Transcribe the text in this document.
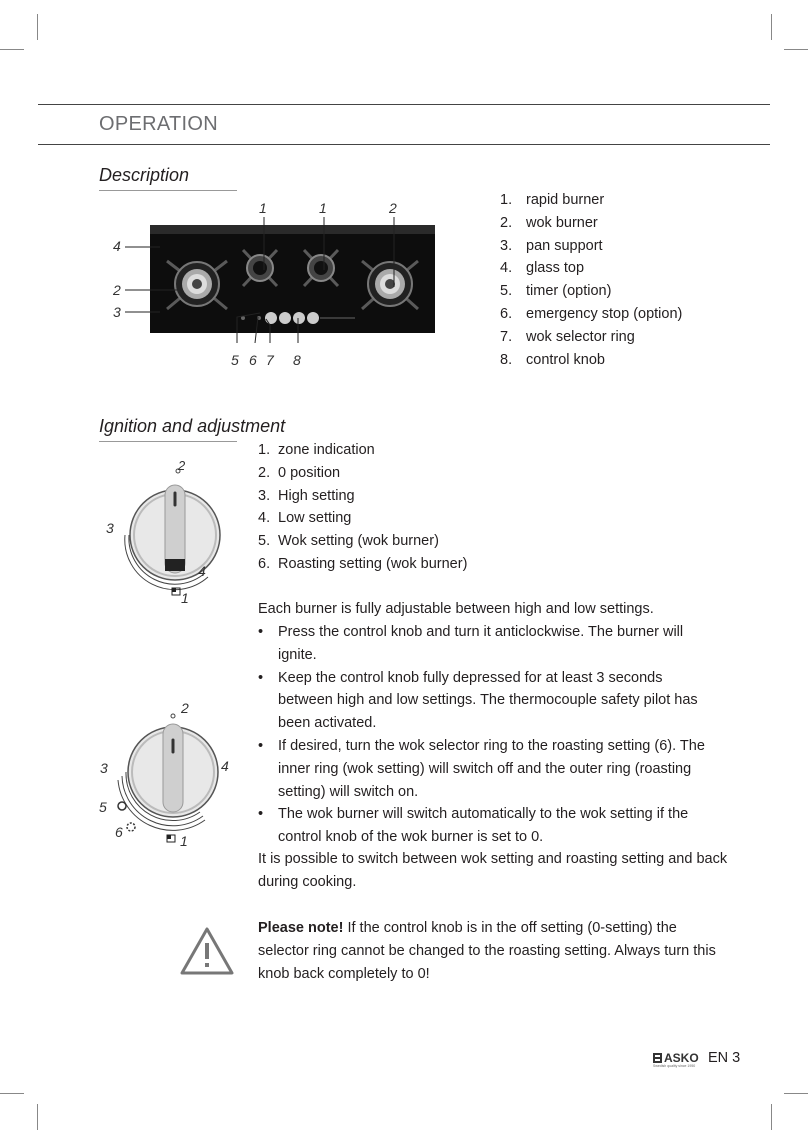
OPERATION
Description
1	1	2
4
2
3
5 6 7 8
1. rapid burner
2. wok burner
3. pan support
4. glass top
5. timer (option)
6. emergency stop (option)
7. wok selector ring
8. control knob
Ignition and adjustment
2
3
4
1
2
3	4
5
6
1
1. zone indication
2. 0 position
3. High setting
4. Low setting
5. Wok setting (wok burner)
6. Roasting setting (wok burner)
Each burner is fully adjustable between high and low settings.
• Press the control knob and turn it anticlockwise. The burner will ignite.
• Keep the control knob fully depressed for at least 3 seconds between high and low settings. The thermocouple safety pilot has been activated.
• If desired, turn the wok selector ring to the roasting setting (6). The inner ring (wok setting) will switch off and the outer ring (roasting setting) will switch on.
• The wok burner will switch automatically to the wok setting if the control knob of the wok burner is set to 0.
It is possible to switch between wok setting and roasting setting and back during cooking.
Please note! If the control knob is in the off setting (0-setting) the selector ring cannot be changed to the roasting setting. Always turn this knob back completely to 0!
ASKO
Swedish quality since 1950 EN 3
